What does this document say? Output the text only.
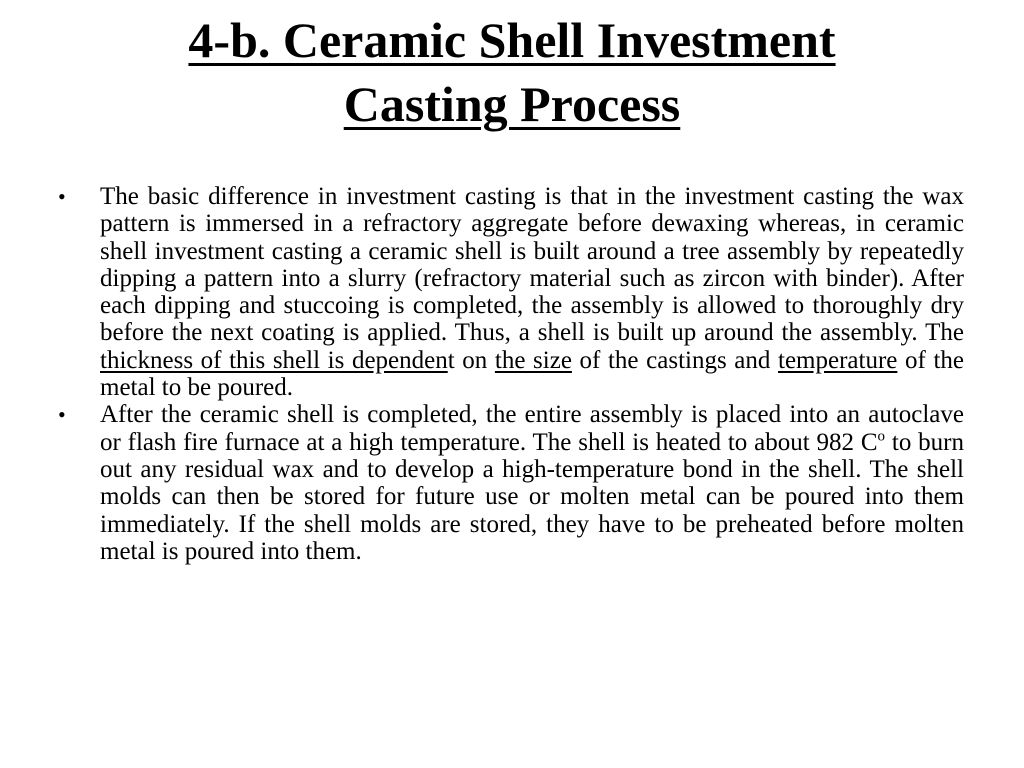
4-b. Ceramic Shell Investment
Casting Process
• The basic difference in investment casting is that in the investment casting the wax pattern is immersed in a refractory aggregate before dewaxing whereas, in ceramic shell investment casting a ceramic shell is built around a tree assembly by repeatedly dipping a pattern into a slurry (refractory material such as zircon with binder). After each dipping and stuccoing is completed, the assembly is allowed to thoroughly dry before the next coating is applied. Thus, a shell is built up around the assembly. The thickness of this shell is dependent on the size of the castings and temperature of the metal to be poured.
• After the ceramic shell is completed, the entire assembly is placed into an autoclave or flash fire furnace at a high temperature. The shell is heated to about 982 $C^o$ to burn out any residual wax and to develop a high-temperature bond in the shell. The shell molds can then be stored for future use or molten metal can be poured into them immediately. If the shell molds are stored, they have to be preheated before molten metal is poured into them.
